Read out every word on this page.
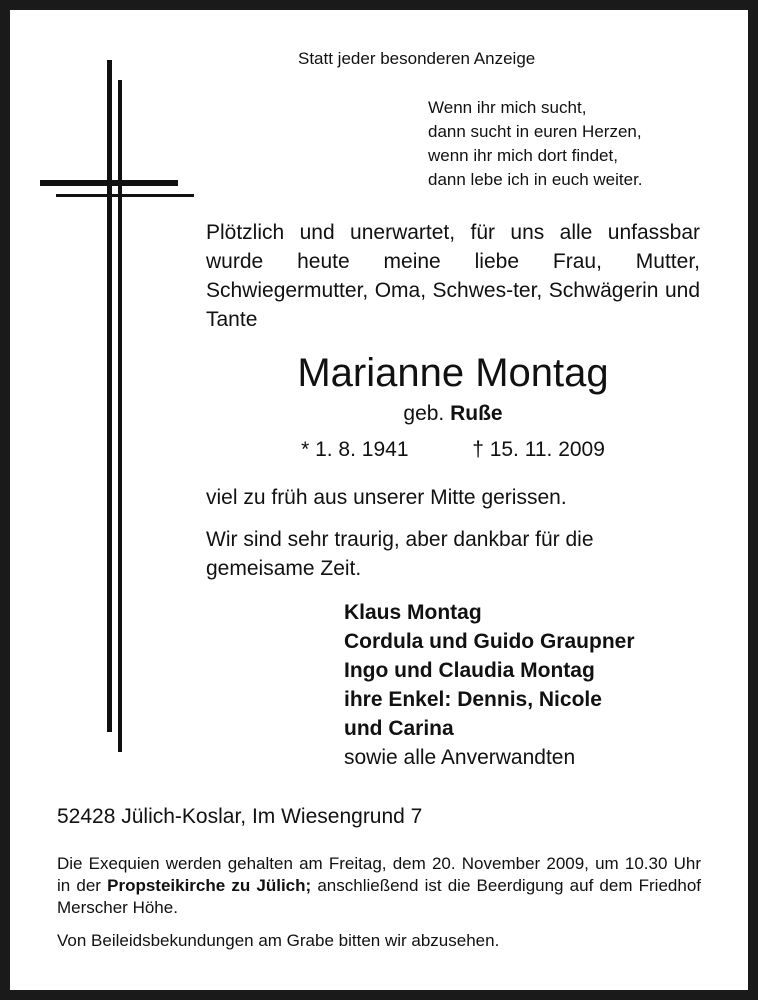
Statt jeder besonderen Anzeige
Wenn ihr mich sucht,
dann sucht in euren Herzen,
wenn ihr mich dort findet,
dann lebe ich in euch weiter.
Plötzlich und unerwartet, für uns alle unfassbar wurde heute meine liebe Frau, Mutter, Schwiegermutter, Oma, Schwes-ter, Schwägerin und Tante
Marianne Montag
geb. Ruße
* 1. 8. 1941	† 15. 11. 2009
viel zu früh aus unserer Mitte gerissen.
Wir sind sehr traurig, aber dankbar für die gemeisame Zeit.
Klaus Montag
Cordula und Guido Graupner
Ingo und Claudia Montag
ihre Enkel: Dennis, Nicole
und Carina
sowie alle Anverwandten
52428 Jülich-Koslar, Im Wiesengrund 7
Die Exequien werden gehalten am Freitag, dem 20. November 2009, um 10.30 Uhr in der Propsteikirche zu Jülich; anschließend ist die Beerdigung auf dem Friedhof Merscher Höhe.
Von Beileidsbekundungen am Grabe bitten wir abzusehen.
